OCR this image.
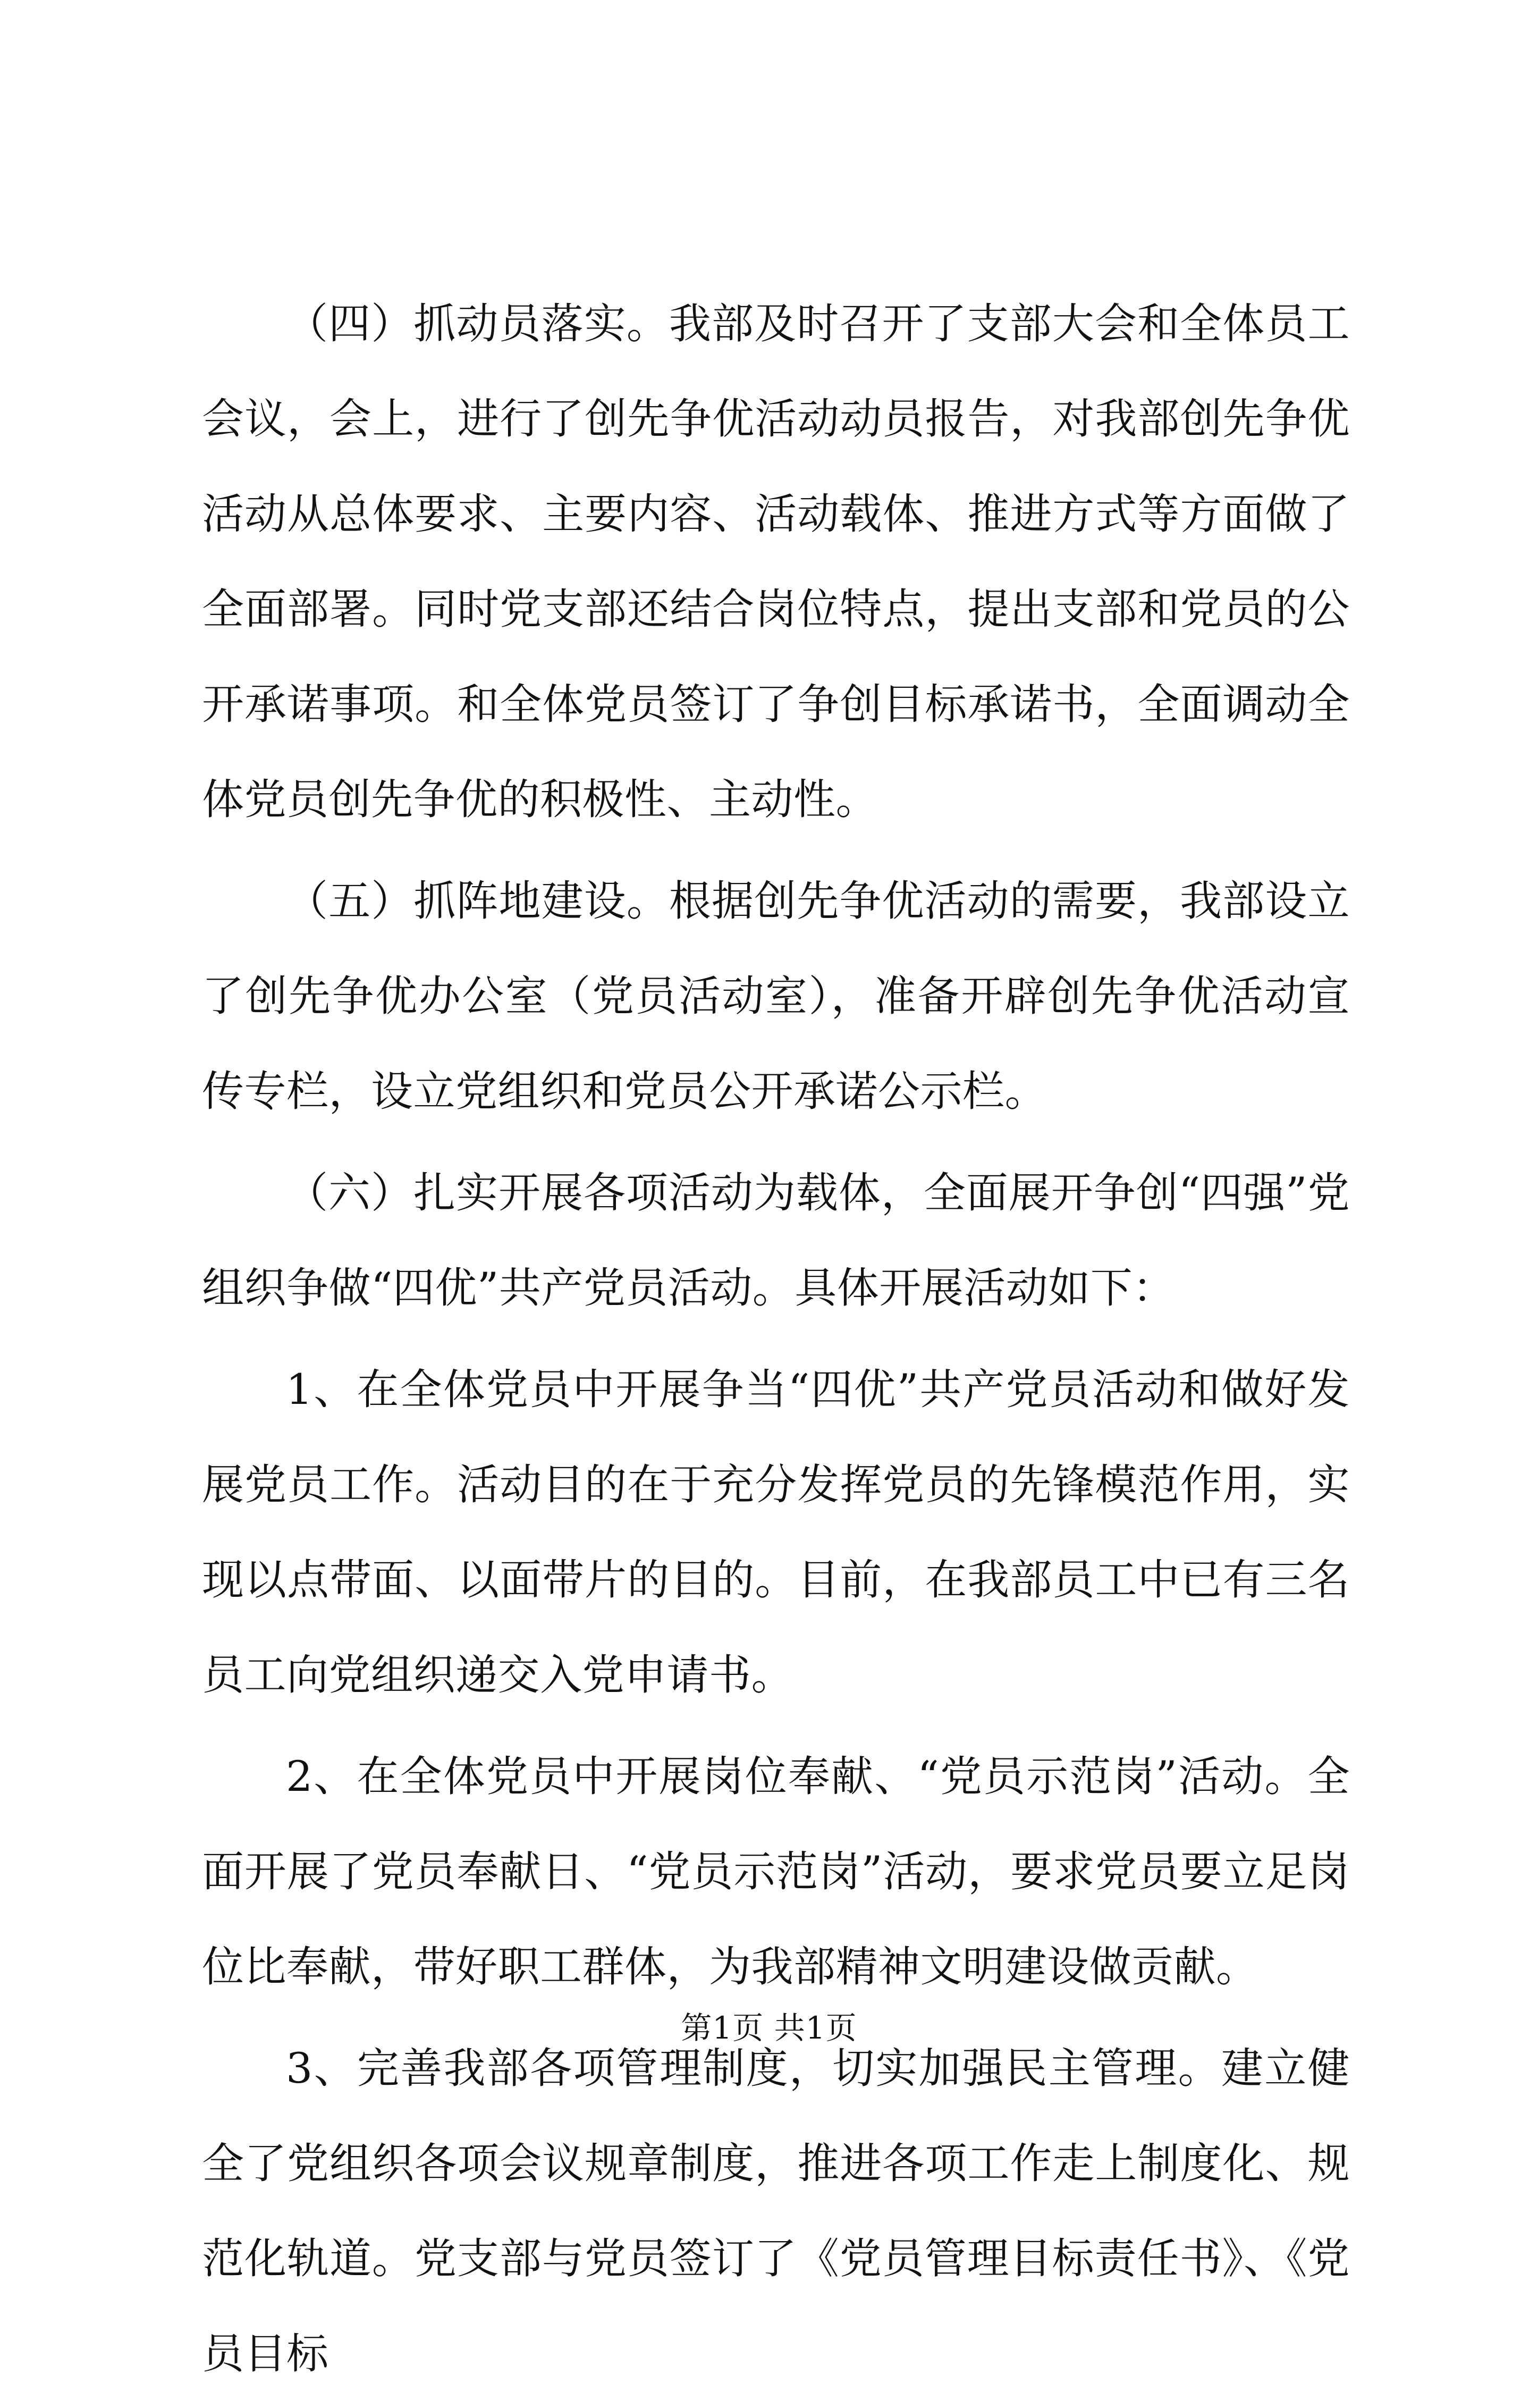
（四）抓动员落实。我部及时召开了支部大会和全体员工会议，会上，进行了创先争优活动动员报告，对我部创先争优活动从总体要求、主要内容、活动载体、推进方式等方面做了全面部署。同时党支部还结合岗位特点，提出支部和党员的公开承诺事项。和全体党员签订了争创目标承诺书，全面调动全体党员创先争优的积极性、主动性。

（五）抓阵地建设。根据创先争优活动的需要，我部设立了创先争优办公室（党员活动室），准备开辟创先争优活动宣传专栏，设立党组织和党员公开承诺公示栏。

（六）扎实开展各项活动为载体，全面展开争创“四强”党组织争做“四优”共产党员活动。具体开展活动如下：

1、在全体党员中开展争当“四优”共产党员活动和做好发展党员工作。活动目的在于充分发挥党员的先锋模范作用，实现以点带面、以面带片的目的。目前，在我部员工中已有三名员工向党组织递交入党申请书。

2、在全体党员中开展岗位奉献、“党员示范岗”活动。全面开展了党员奉献日、“党员示范岗”活动，要求党员要立足岗位比奉献，带好职工群体，为我部精神文明建设做贡献。

3、完善我部各项管理制度，切实加强民主管理。建立健全了党组织各项会议规章制度，推进各项工作走上制度化、规范化轨道。党支部与党员签订了《党员管理目标责任书》、《党员目标

第1页 共1页
